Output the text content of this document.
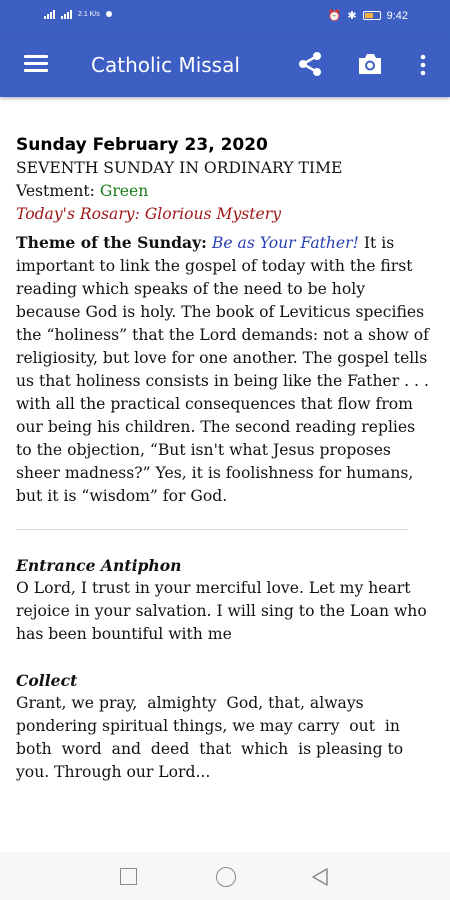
2.1 K/s	⏰ ✱	9:42
Catholic Missal
Sunday February 23, 2020
SEVENTH SUNDAY IN ORDINARY TIME
Vestment: Green
Today's Rosary: Glorious Mystery

Theme of the Sunday: Be as Your Father! It is important to link the gospel of today with the first reading which speaks of the need to be holy because God is holy. The book of Leviticus specifies the “holiness” that the Lord demands: not a show of religiosity, but love for one another. The gospel tells us that holiness consists in being like the Father . . . with all the practical consequences that flow from our being his children. The second reading replies to the objection, “But isn't what Jesus proposes sheer madness?” Yes, it is foolishness for humans, but it is “wisdom” for God.

Entrance Antiphon

O Lord, I trust in your merciful love. Let my heart rejoice in your salvation. I will sing to the Loan who has been bountiful with me

Collect

Grant, we pray,  almighty  God, that, always pondering spiritual things, we may carry  out  in both  word  and  deed  that  which  is pleasing to you. Through our Lord...
